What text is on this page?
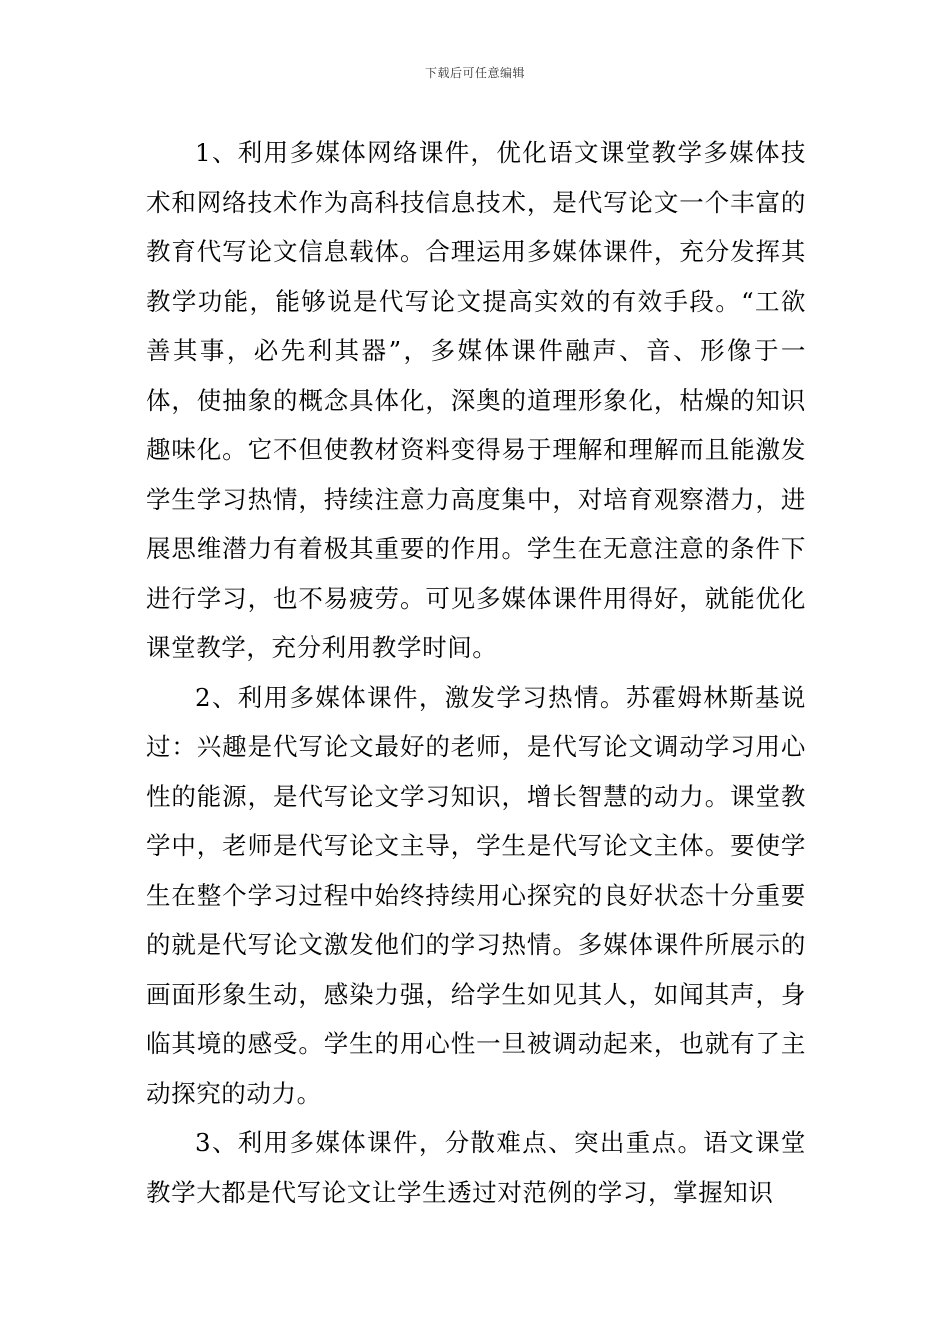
下载后可任意编辑

1、利用多媒体网络课件，优化语文课堂教学多媒体技术和网络技术作为高科技信息技术，是代写论文一个丰富的教育代写论文信息载体。合理运用多媒体课件，充分发挥其教学功能，能够说是代写论文提高实效的有效手段。“工欲善其事，必先利其器”，多媒体课件融声、音、形像于一体，使抽象的概念具体化，深奥的道理形象化，枯燥的知识趣味化。它不但使教材资料变得易于理解和理解而且能激发学生学习热情，持续注意力高度集中，对培育观察潜力，进展思维潜力有着极其重要的作用。学生在无意注意的条件下进行学习，也不易疲劳。可见多媒体课件用得好，就能优化课堂教学，充分利用教学时间。

2、利用多媒体课件，激发学习热情。苏霍姆林斯基说过：兴趣是代写论文最好的老师，是代写论文调动学习用心性的能源，是代写论文学习知识，增长智慧的动力。课堂教学中，老师是代写论文主导，学生是代写论文主体。要使学生在整个学习过程中始终持续用心探究的良好状态十分重要的就是代写论文激发他们的学习热情。多媒体课件所展示的画面形象生动，感染力强，给学生如见其人，如闻其声，身临其境的感受。学生的用心性一旦被调动起来，也就有了主动探究的动力。

3、利用多媒体课件，分散难点、突出重点。语文课堂教学大都是代写论文让学生透过对范例的学习，掌握知识
